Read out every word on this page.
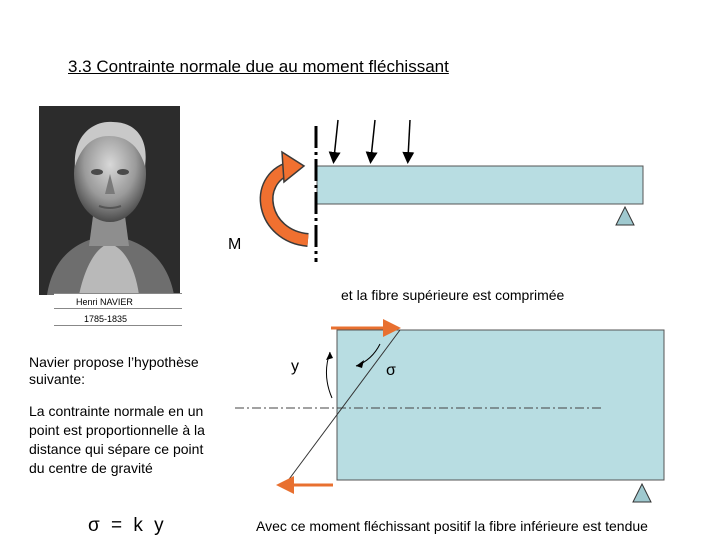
3.3 Contrainte normale due au moment fléchissant
Henri NAVIER
1785-1835
Navier propose l’hypothèse suivante:
La contrainte normale en un point est proportionnelle à la distance qui sépare ce point du centre de gravité
σ = k y
M
et la fibre supérieure est comprimée
y	σ
Avec ce moment fléchissant positif la fibre inférieure est tendue
